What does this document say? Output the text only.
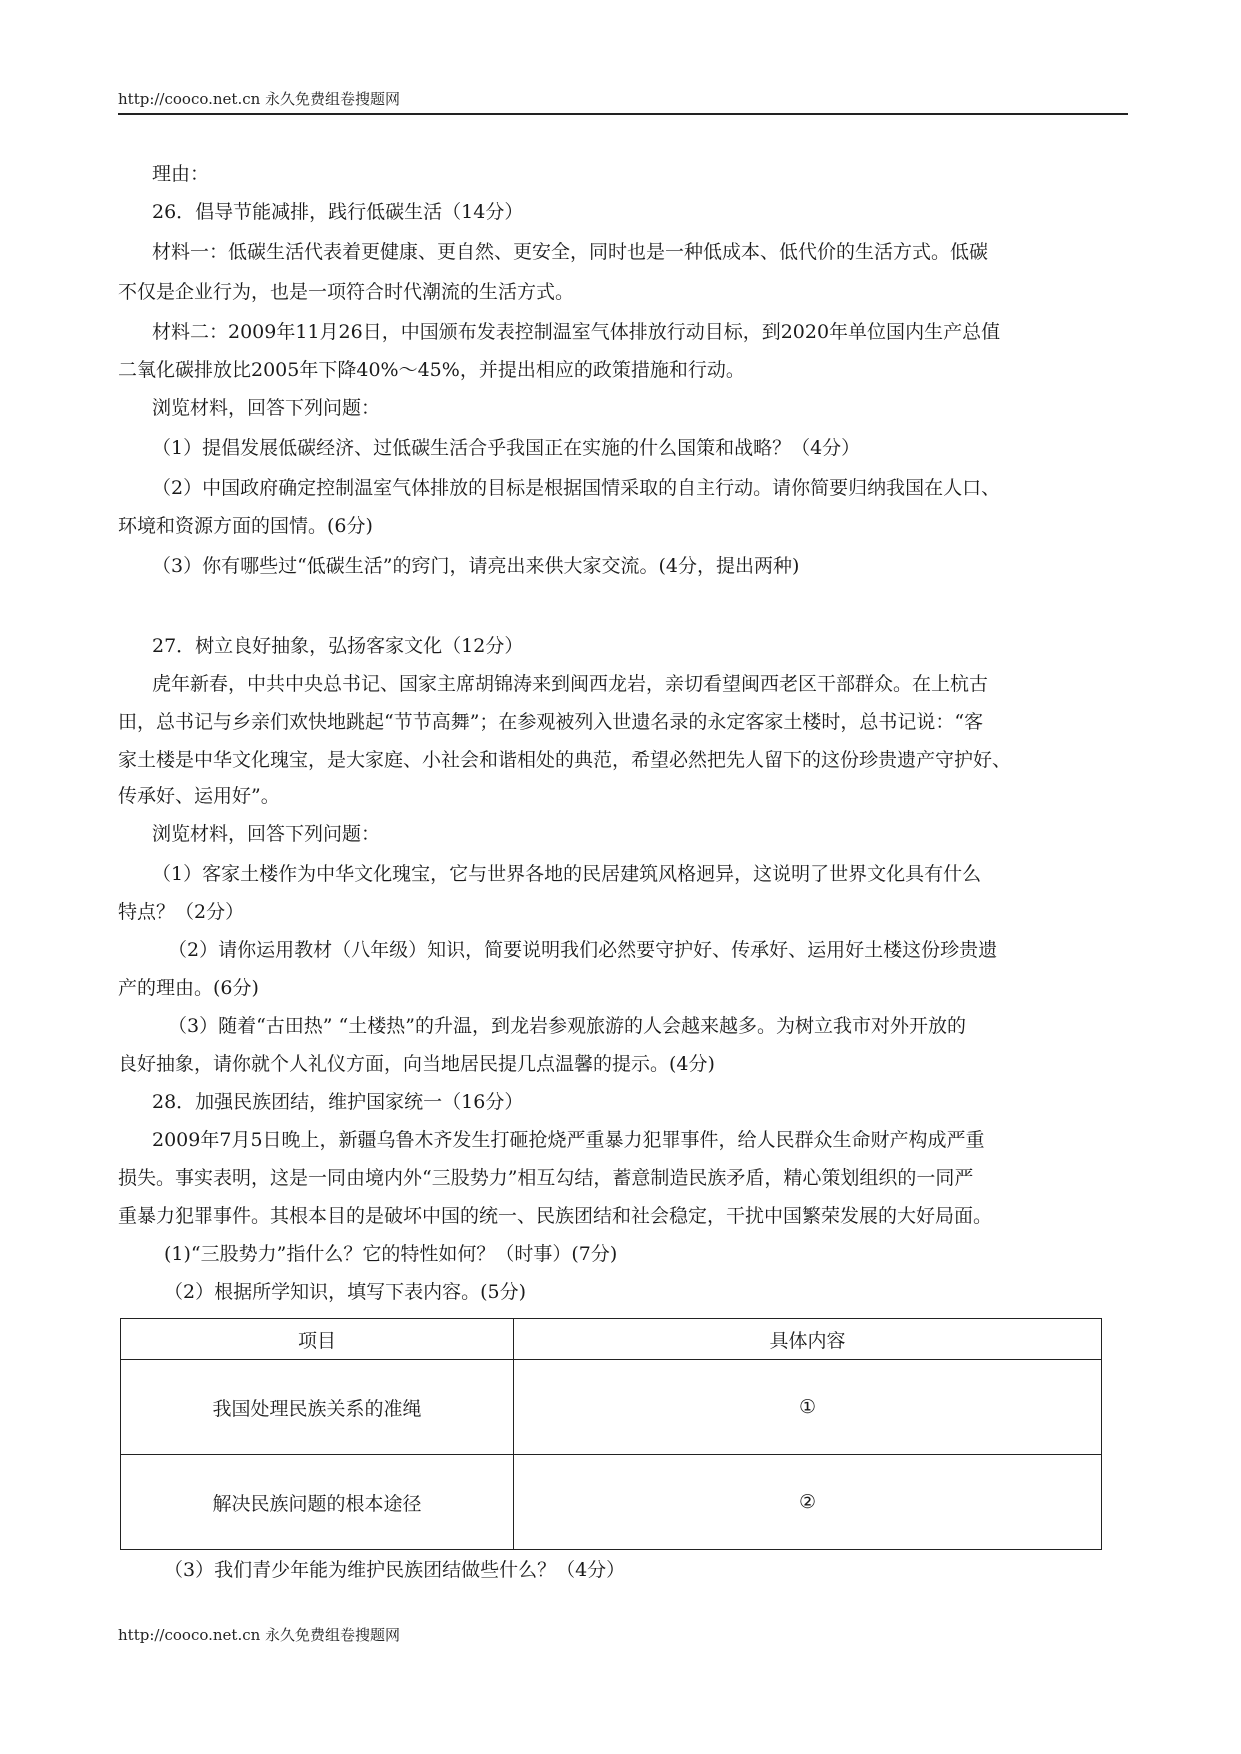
http://cooco.net.cn 永久免费组卷搜题网
理由：
26．倡导节能减排，践行低碳生活（14分）
材料一：低碳生活代表着更健康、更自然、更安全，同时也是一种低成本、低代价的生活方式。低碳
不仅是企业行为，也是一项符合时代潮流的生活方式。
材料二：2009年11月26日，中国颁布发表控制温室气体排放行动目标，到2020年单位国内生产总值
二氧化碳排放比2005年下降40%～45%，并提出相应的政策措施和行动。
浏览材料，回答下列问题：
（1）提倡发展低碳经济、过低碳生活合乎我国正在实施的什么国策和战略？（4分）
（2）中国政府确定控制温室气体排放的目标是根据国情采取的自主行动。请你简要归纳我国在人口、
环境和资源方面的国情。(6分)
（3）你有哪些过“低碳生活”的窍门，请亮出来供大家交流。(4分，提出两种)
27．树立良好抽象，弘扬客家文化（12分）
虎年新春，中共中央总书记、国家主席胡锦涛来到闽西龙岩，亲切看望闽西老区干部群众。在上杭古
田，总书记与乡亲们欢快地跳起“节节高舞”；在参观被列入世遗名录的永定客家土楼时，总书记说：“客
家土楼是中华文化瑰宝，是大家庭、小社会和谐相处的典范，希望必然把先人留下的这份珍贵遗产守护好、
传承好、运用好”。
浏览材料，回答下列问题：
（1）客家土楼作为中华文化瑰宝，它与世界各地的民居建筑风格迥异，这说明了世界文化具有什么
特点？（2分）
（2）请你运用教材（八年级）知识，简要说明我们必然要守护好、传承好、运用好土楼这份珍贵遗
产的理由。(6分)
（3）随着“古田热” “土楼热”的升温，到龙岩参观旅游的人会越来越多。为树立我市对外开放的
良好抽象，请你就个人礼仪方面，向当地居民提几点温馨的提示。(4分)
28．加强民族团结，维护国家统一（16分）
2009年7月5日晚上，新疆乌鲁木齐发生打砸抢烧严重暴力犯罪事件，给人民群众生命财产构成严重
损失。事实表明，这是一同由境内外“三股势力”相互勾结，蓄意制造民族矛盾，精心策划组织的一同严
重暴力犯罪事件。其根本目的是破坏中国的统一、民族团结和社会稳定，干扰中国繁荣发展的大好局面。
(1)“三股势力”指什么？它的特性如何？（时事）(7分)
（2）根据所学知识，填写下表内容。(5分)
项目	具体内容
我国处理民族关系的准绳	①
解决民族问题的根本途径	②
（3）我们青少年能为维护民族团结做些什么？（4分）
http://cooco.net.cn 永久免费组卷搜题网
